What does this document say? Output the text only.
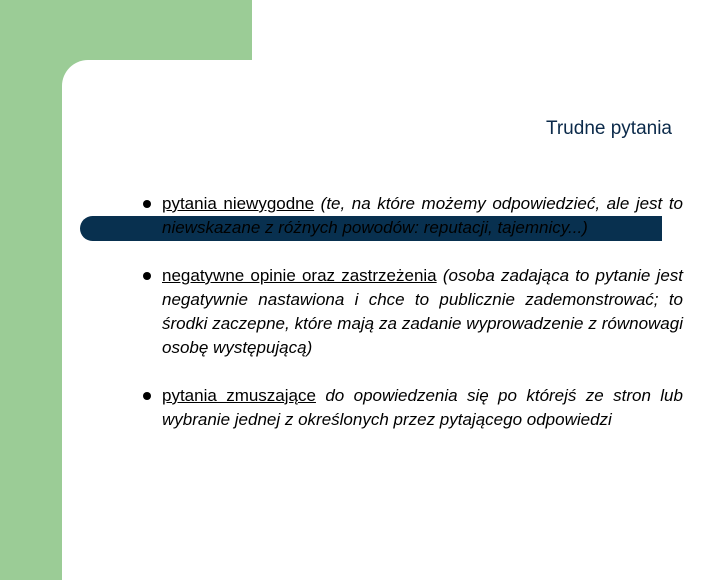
Trudne pytania
pytania niewygodne (te, na które możemy odpowiedzieć, ale jest to niewskazane z różnych powodów: reputacji, tajemnicy...)
negatywne opinie oraz zastrzeżenia (osoba zadająca to pytanie jest negatywnie nastawiona i chce to publicznie zademonstrować; to środki zaczepne, które mają za zadanie wyprowadzenie z równowagi osobę występującą)
pytania zmuszające do opowiedzenia się po którejś ze stron lub wybranie jednej z określonych przez pytającego odpowiedzi
